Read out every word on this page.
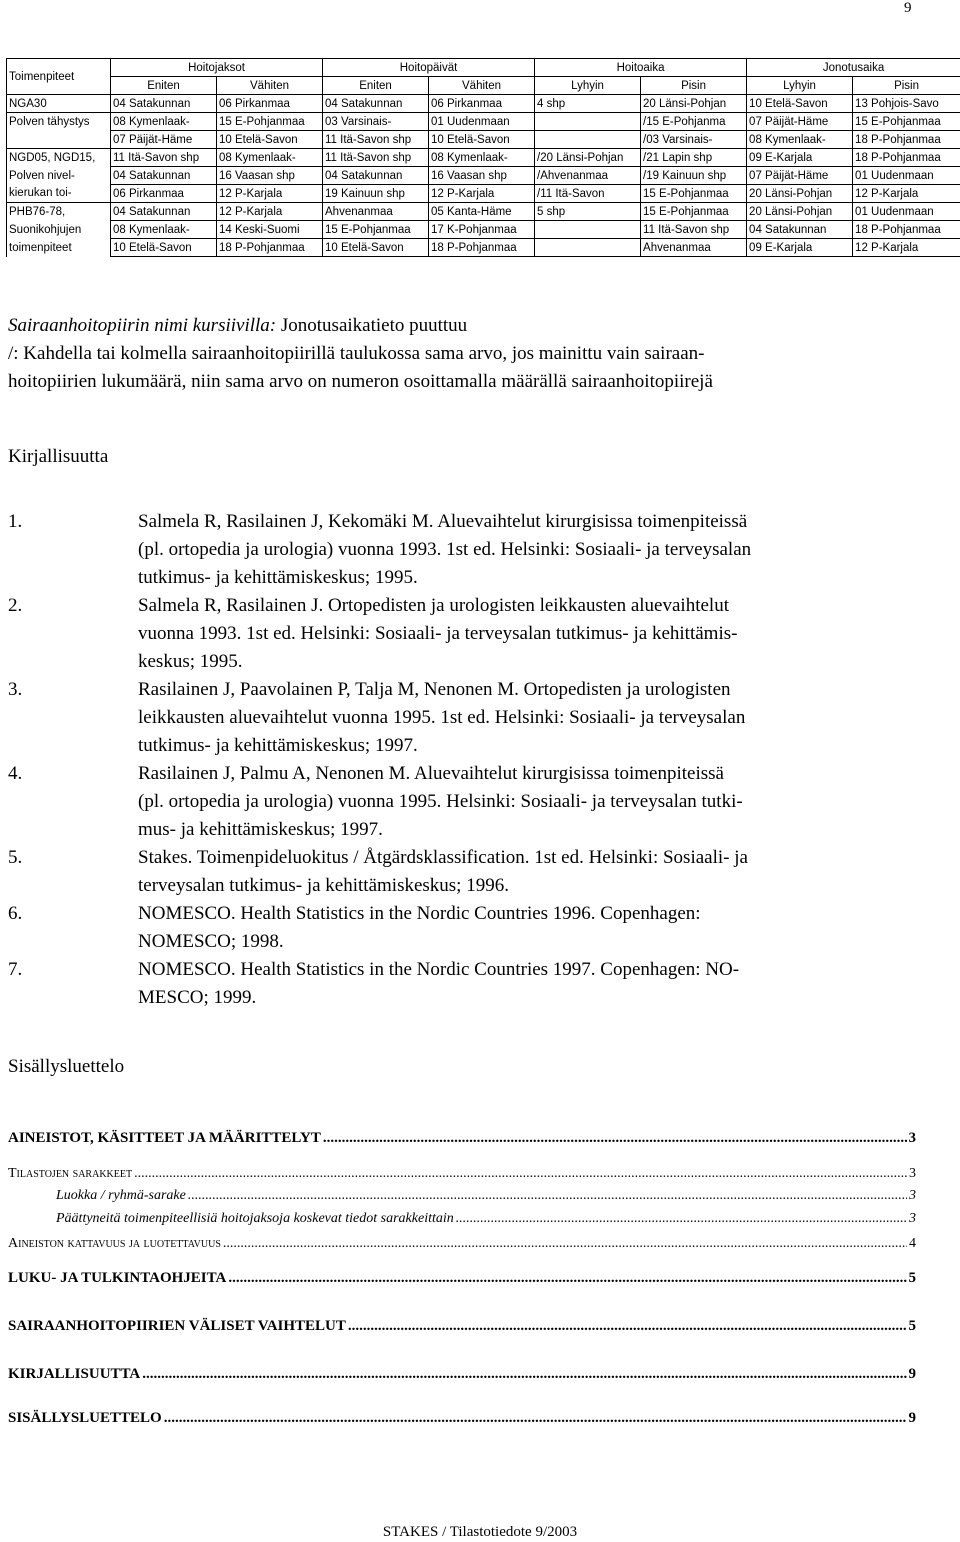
9
Toimenpiteet	Hoitojaksot		Hoitopäivät		Hoitoaika		Jonotusaika	
	Eniten	Vähiten	Eniten	Vähiten	Lyhyin	Pisin	Lyhyin	Pisin
NGA30	04 Satakunnan	06 Pirkanmaa	04 Satakunnan	06 Pirkanmaa	4 shp	20 Länsi-Pohjan	10 Etelä-Savon	13 Pohjois-Savo
Polven tähystys	08 Kymenlaak-	15 E-Pohjanmaa	03 Varsinais-	01 Uudenmaan		/15 E-Pohjanma	07 Päijät-Häme	15 E-Pohjanmaa
	07 Päijät-Häme	10 Etelä-Savon	11 Itä-Savon shp	10 Etelä-Savon		/03 Varsinais-	08 Kymenlaak-	18 P-Pohjanmaa
NGD05, NGD15,	11 Itä-Savon shp	08 Kymenlaak-	11 Itä-Savon shp	08 Kymenlaak-	/20 Länsi-Pohjan	/21 Lapin shp	09 E-Karjala	18 P-Pohjanmaa
Polven nivel-	04 Satakunnan	16 Vaasan shp	04 Satakunnan	16 Vaasan shp	/Ahvenanmaa	/19 Kainuun shp	07 Päijät-Häme	01 Uudenmaan
kierukan toi-	06 Pirkanmaa	12 P-Karjala	19 Kainuun shp	12 P-Karjala	/11 Itä-Savon	15 E-Pohjanmaa	20 Länsi-Pohjan	12 P-Karjala
PHB76-78,	04 Satakunnan	12 P-Karjala	Ahvenanmaa	05 Kanta-Häme	5 shp	15 E-Pohjanmaa	20 Länsi-Pohjan	01 Uudenmaan
Suonikohjujen	08 Kymenlaak-	14 Keski-Suomi	15 E-Pohjanmaa	17 K-Pohjanmaa		11 Itä-Savon shp	04 Satakunnan	18 P-Pohjanmaa
toimenpiteet	10 Etelä-Savon	18 P-Pohjanmaa	10 Etelä-Savon	18 P-Pohjanmaa		Ahvenanmaa	09 E-Karjala	12 P-Karjala
Sairaanhoitopiirin nimi kursiivilla: Jonotusaikatieto puuttuu
/: Kahdella tai kolmella sairaanhoitopiirillä taulukossa sama arvo, jos mainittu vain sairaan-
hoitopiirien lukumäärä, niin sama arvo on numeron osoittamalla määrällä sairaanhoitopiirejä
Kirjallisuutta
1.	Salmela R, Rasilainen J, Kekomäki M. Aluevaihtelut kirurgisissa toimenpiteissä
(pl. ortopedia ja urologia) vuonna 1993. 1st ed. Helsinki: Sosiaali- ja terveysalan
tutkimus- ja kehittämiskeskus; 1995.
2.	Salmela R, Rasilainen J. Ortopedisten ja urologisten leikkausten aluevaihtelut
vuonna 1993. 1st ed. Helsinki: Sosiaali- ja terveysalan tutkimus- ja kehittämis-
keskus; 1995.
3.	Rasilainen J, Paavolainen P, Talja M, Nenonen M. Ortopedisten ja urologisten
leikkausten aluevaihtelut vuonna 1995. 1st ed. Helsinki: Sosiaali- ja terveysalan
tutkimus- ja kehittämiskeskus; 1997.
4.	Rasilainen J, Palmu A, Nenonen M. Aluevaihtelut kirurgisissa toimenpiteissä
(pl. ortopedia ja urologia) vuonna 1995. Helsinki: Sosiaali- ja terveysalan tutki-
mus- ja kehittämiskeskus; 1997.
5.	Stakes. Toimenpideluokitus / Åtgärdsklassification. 1st ed. Helsinki: Sosiaali- ja
terveysalan tutkimus- ja kehittämiskeskus; 1996.
6.	NOMESCO. Health Statistics in the Nordic Countries 1996. Copenhagen:
NOMESCO; 1998.
7.	NOMESCO. Health Statistics in the Nordic Countries 1997. Copenhagen: NO-
MESCO; 1999.
Sisällysluettelo
AINEISTOT, KÄSITTEET JA MÄÄRITTELYT .....	3
Tilastojen sarakkeet .....	3
Luokka / ryhmä-sarake .....	3
Päättyneitä toimenpiteellisiä hoitojaksoja koskevat tiedot sarakkeittain .....	3
Aineiston kattavuus ja luotettavuus .....	4
LUKU- JA TULKINTAOHJEITA .....	5
SAIRAANHOITOPIIRIEN VÄLISET VAIHTELUT .....	5
KIRJALLISUUTTA .....	9
SISÄLLYSLUETTELO .....	9
STAKES / Tilastotiedote 9/2003
